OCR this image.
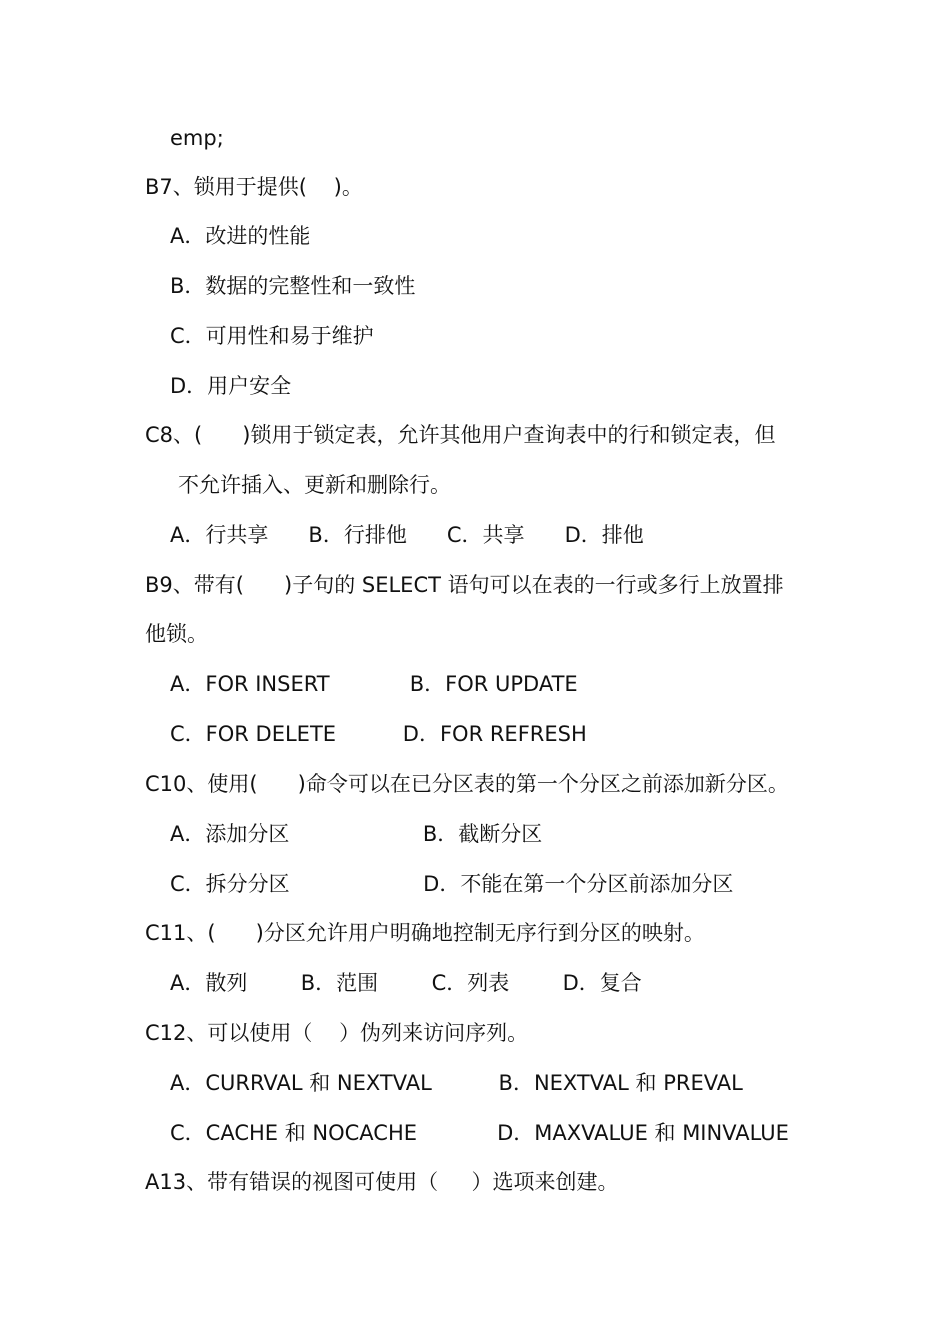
emp;

B7、锁用于提供(    )。

A．改进的性能

B．数据的完整性和一致性

C．可用性和易于维护

D．用户安全

C8、(      )锁用于锁定表，允许其他用户查询表中的行和锁定表，但

不允许插入、更新和删除行。

A．行共享      B．行排他      C．共享      D．排他

B9、带有(      )子句的 SELECT 语句可以在表的一行或多行上放置排

他锁。

A．FOR INSERT            B．FOR UPDATE

C．FOR DELETE          D．FOR REFRESH

C10、使用(      )命令可以在已分区表的第一个分区之前添加新分区。

A．添加分区                    B．截断分区

C．拆分分区                    D．不能在第一个分区前添加分区

C11、(      )分区允许用户明确地控制无序行到分区的映射。

A．散列        B．范围        C．列表        D．复合

C12、可以使用（    ）伪列来访问序列。

A．CURRVAL 和 NEXTVAL          B．NEXTVAL 和 PREVAL

C．CACHE 和 NOCACHE            D．MAXVALUE 和 MINVALUE

A13、带有错误的视图可使用（     ）选项来创建。
